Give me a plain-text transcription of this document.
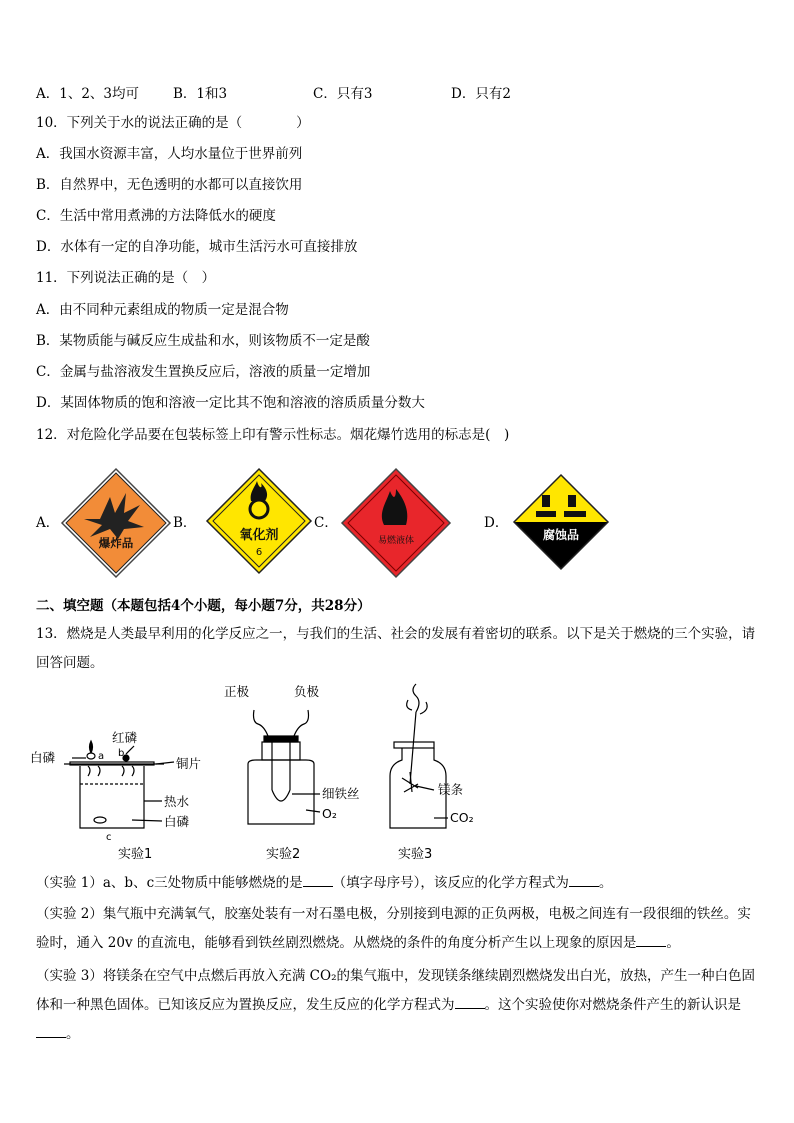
A．1、2、3均可	B．1和3	C．只有3	D．只有2
10．下列关于水的说法正确的是（　　　　）
A．我国水资源丰富，人均水量位于世界前列
B．自然界中，无色透明的水都可以直接饮用
C．生活中常用煮沸的方法降低水的硬度
D．水体有一定的自净功能，城市生活污水可直接排放
11．下列说法正确的是（　）
A．由不同种元素组成的物质一定是混合物
B．某物质能与碱反应生成盐和水，则该物质不一定是酸
C．金属与盐溶液发生置换反应后，溶液的质量一定增加
D．某固体物质的饱和溶液一定比其不饱和溶液的溶质质量分数大
12．对危险化学品要在包装标签上印有警示性标志。烟花爆竹选用的标志是(　)
A．
爆炸品
B．
氧化剂
6
C．
易燃液体
D．
腐蚀品
二、填空题（本题包括4个小题，每小题7分，共28分）
13．燃烧是人类最早利用的化学反应之一，与我们的生活、社会的发展有着密切的联系。以下是关于燃烧的三个实验，请回答问题。
白磷
红磷
a b
c
铜片
热水
白磷
实验1
正极	负极
细铁丝
O₂
实验2
镁条
CO₂
实验3
（实验 1）a、b、c三处物质中能够燃烧的是 （填字母序号），该反应的化学方程式为 。
（实验 2）集气瓶中充满氧气，胶塞处装有一对石墨电极，分别接到电源的正负两极，电极之间连有一段很细的铁丝。实验时，通入 20v 的直流电，能够看到铁丝剧烈燃烧。从燃烧的条件的角度分析产生以上现象的原因是 。
（实验 3）将镁条在空气中点燃后再放入充满 CO₂的集气瓶中，发现镁条继续剧烈燃烧发出白光，放热，产生一种白色固体和一种黑色固体。已知该反应为置换反应，发生反应的化学方程式为 。这个实验使你对燃烧条件产生的新认识是。
